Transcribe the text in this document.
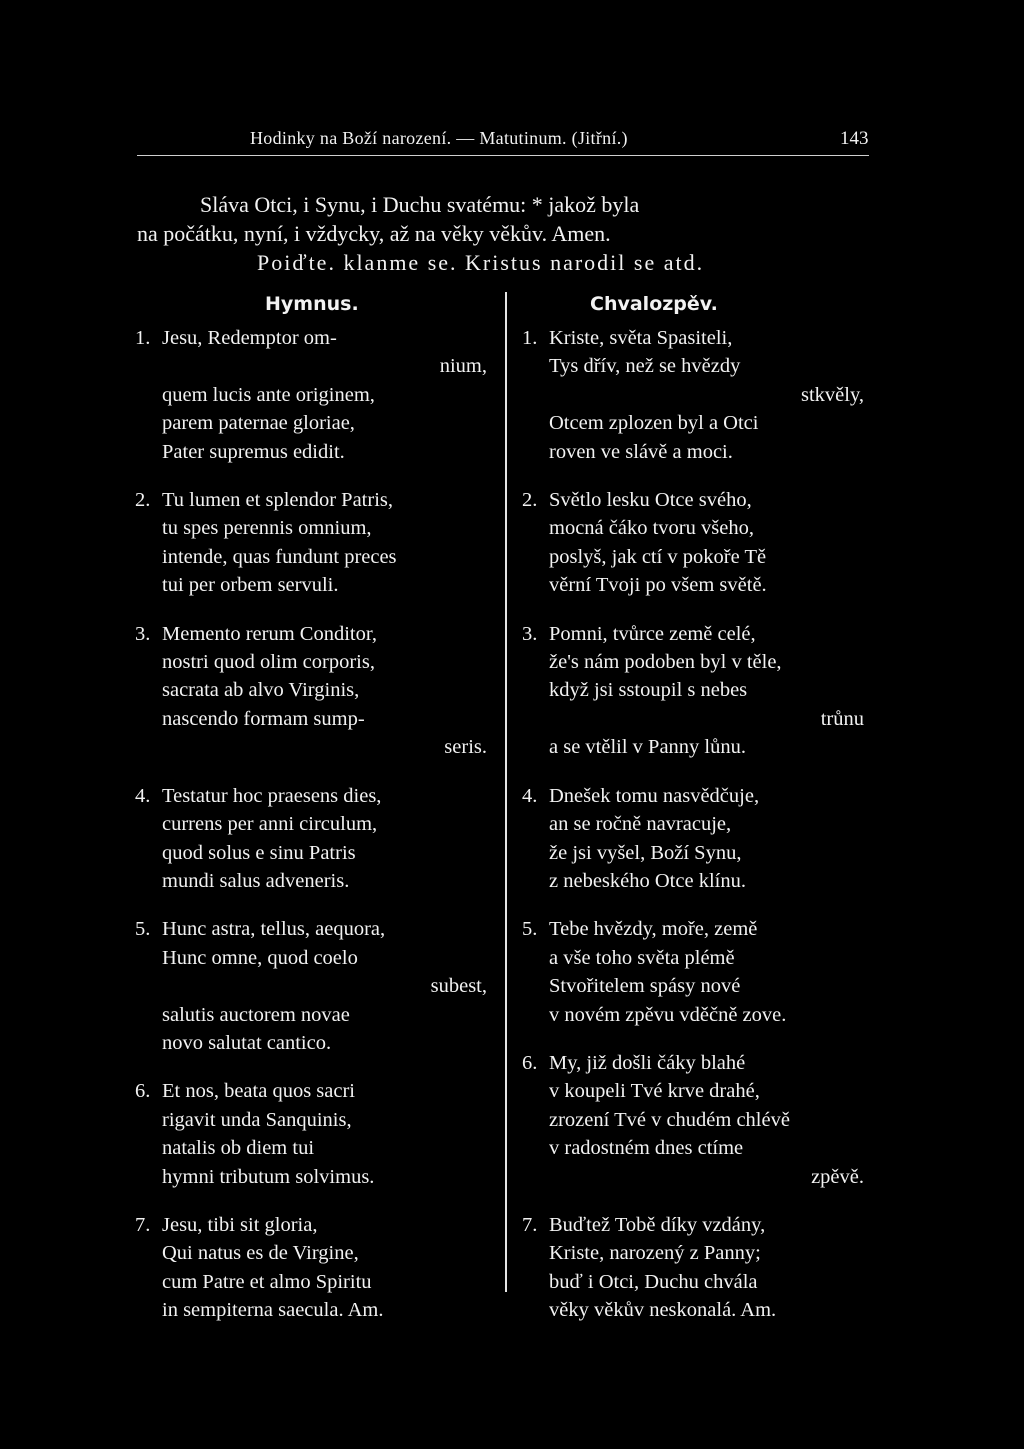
Hodinky na Boží narození. — Matutinum. (Jitřní.)	143
Sláva Otci, i Synu, i Duchu svatému: * jakož byla
na počátku, nyní, i vždycky, až na věky věkův. Amen.
Poiďte. klanme se. Kristus narodil se atd.
Hymnus.
1. Jesu, Redemptor om-
nium,
quem lucis ante originem,
parem paternae gloriae,
Pater supremus edidit.
2. Tu lumen et splendor Patris,
tu spes perennis omnium,
intende, quas fundunt preces
tui per orbem servuli.
3. Memento rerum Conditor,
nostri quod olim corporis,
sacrata ab alvo Virginis,
nascendo formam sump-
seris.
4. Testatur hoc praesens dies,
currens per anni circulum,
quod solus e sinu Patris
mundi salus adveneris.
5. Hunc astra, tellus, aequora,
Hunc omne, quod coelo
subest,
salutis auctorem novae
novo salutat cantico.
6. Et nos, beata quos sacri
rigavit unda Sanquinis,
natalis ob diem tui
hymni tributum solvimus.
7. Jesu, tibi sit gloria,
Qui natus es de Virgine,
cum Patre et almo Spiritu
in sempiterna saecula. Am.
Chvalozpěv.
1. Kriste, světa Spasiteli,
Tys dřív, než se hvězdy
stkvěly,
Otcem zplozen byl a Otci
roven ve slávě a moci.
2. Světlo lesku Otce svého,
mocná čáko tvoru všeho,
poslyš, jak ctí v pokoře Tě
věrní Tvoji po všem světě.
3. Pomni, tvůrce země celé,
že's nám podoben byl v těle,
když jsi sstoupil s nebes
trůnu
a se vtělil v Panny lůnu.
4. Dnešek tomu nasvědčuje,
an se ročně navracuje,
že jsi vyšel, Boží Synu,
z nebeského Otce klínu.
5. Tebe hvězdy, moře, země
a vše toho světa plémě
Stvořitelem spásy nové
v novém zpěvu vděčně zove.
6. My, již došli čáky blahé
v koupeli Tvé krve drahé,
zrození Tvé v chudém chlévě
v radostném dnes ctíme
zpěvě.
7. Buďtež Tobě díky vzdány,
Kriste, narozený z Panny;
buď i Otci, Duchu chvála
věky věkův neskonalá. Am.
